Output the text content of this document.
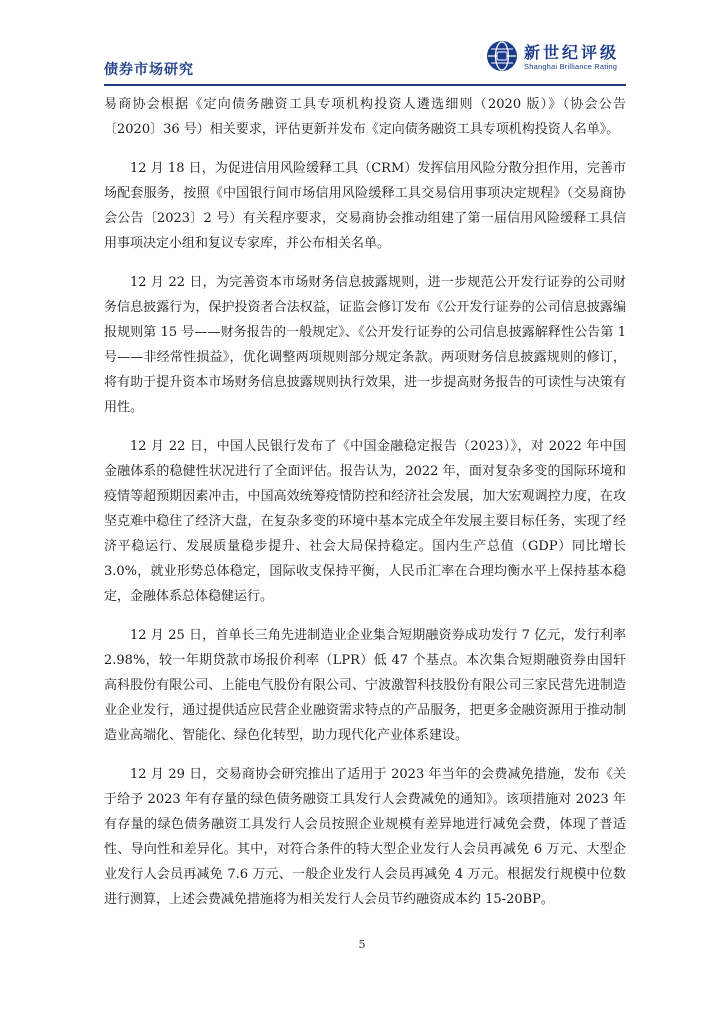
债券市场研究
新世纪评级
Shanghai Brilliance Rating

易商协会根据《定向债务融资工具专项机构投资人遴选细则（2020 版）》（协会公告〔2020〕36 号）相关要求，评估更新并发布《定向债务融资工具专项机构投资人名单》。

12 月 18 日，为促进信用风险缓释工具（CRM）发挥信用风险分散分担作用，完善市场配套服务，按照《中国银行间市场信用风险缓释工具交易信用事项决定规程》（交易商协会公告〔2023〕2 号）有关程序要求，交易商协会推动组建了第一届信用风险缓释工具信用事项决定小组和复议专家库，并公布相关名单。

12 月 22 日，为完善资本市场财务信息披露规则，进一步规范公开发行证券的公司财务信息披露行为，保护投资者合法权益，证监会修订发布《公开发行证券的公司信息披露编报规则第 15 号——财务报告的一般规定》、《公开发行证券的公司信息披露解释性公告第 1 号——非经常性损益》，优化调整两项规则部分规定条款。两项财务信息披露规则的修订，将有助于提升资本市场财务信息披露规则执行效果，进一步提高财务报告的可读性与决策有用性。

12 月 22 日，中国人民银行发布了《中国金融稳定报告（2023）》，对 2022 年中国金融体系的稳健性状况进行了全面评估。报告认为，2022 年，面对复杂多变的国际环境和疫情等超预期因素冲击，中国高效统筹疫情防控和经济社会发展，加大宏观调控力度，在攻坚克难中稳住了经济大盘，在复杂多变的环境中基本完成全年发展主要目标任务，实现了经济平稳运行、发展质量稳步提升、社会大局保持稳定。国内生产总值（GDP）同比增长 3.0%，就业形势总体稳定，国际收支保持平衡，人民币汇率在合理均衡水平上保持基本稳定，金融体系总体稳健运行。

12 月 25 日，首单长三角先进制造业企业集合短期融资券成功发行 7 亿元，发行利率 2.98%，较一年期贷款市场报价利率（LPR）低 47 个基点。本次集合短期融资券由国轩高科股份有限公司、上能电气股份有限公司、宁波激智科技股份有限公司三家民营先进制造业企业发行，通过提供适应民营企业融资需求特点的产品服务，把更多金融资源用于推动制造业高端化、智能化、绿色化转型，助力现代化产业体系建设。

12 月 29 日，交易商协会研究推出了适用于 2023 年当年的会费减免措施，发布《关于给予 2023 年有存量的绿色债务融资工具发行人会费减免的通知》。该项措施对 2023 年有存量的绿色债务融资工具发行人会员按照企业规模有差异地进行减免会费，体现了普适性、导向性和差异化。其中，对符合条件的特大型企业发行人会员再减免 6 万元、大型企业发行人会员再减免 7.6 万元、一般企业发行人会员再减免 4 万元。根据发行规模中位数进行测算，上述会费减免措施将为相关发行人会员节约融资成本约 15-20BP。

5
